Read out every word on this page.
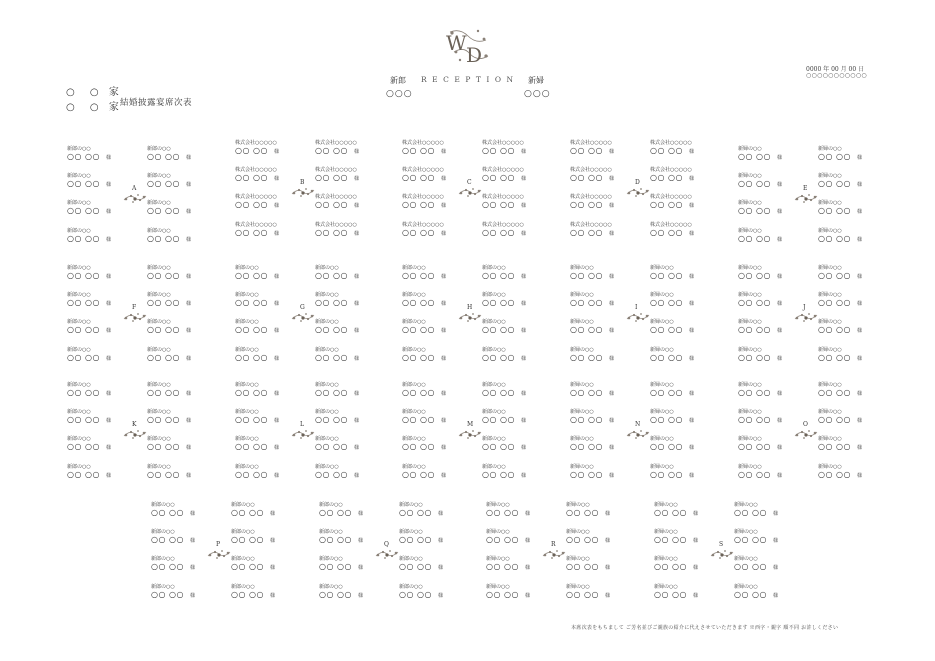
○ ○ 家
○ ○ 家 結婚披露宴席次表
W D
新郎 RECEPTION 新婦
○○○	○○○
0000 年 00 月 00 日
○○○○○○○○○○○
新郎の○○
○○ ○○ 様
新郎の○○
○○ ○○ 様
新郎の○○
○○ ○○ 様
新郎の○○
○○ ○○ 様
新郎の○○
○○ ○○ 様
新郎の○○
○○ ○○ 様
新郎の○○
○○ ○○ 様
新郎の○○
○○ ○○ 様
A
株式会社○○○○○
○○ ○○ 様
株式会社○○○○○
○○ ○○ 様
株式会社○○○○○
○○ ○○ 様
株式会社○○○○○
○○ ○○ 様
株式会社○○○○○
○○ ○○ 様
株式会社○○○○○
○○ ○○ 様
株式会社○○○○○
○○ ○○ 様
株式会社○○○○○
○○ ○○ 様
B
株式会社○○○○○
○○ ○○ 様
株式会社○○○○○
○○ ○○ 様
株式会社○○○○○
○○ ○○ 様
株式会社○○○○○
○○ ○○ 様
株式会社○○○○○
○○ ○○ 様
株式会社○○○○○
○○ ○○ 様
株式会社○○○○○
○○ ○○ 様
株式会社○○○○○
○○ ○○ 様
C
株式会社○○○○○
○○ ○○ 様
株式会社○○○○○
○○ ○○ 様
株式会社○○○○○
○○ ○○ 様
株式会社○○○○○
○○ ○○ 様
株式会社○○○○○
○○ ○○ 様
株式会社○○○○○
○○ ○○ 様
株式会社○○○○○
○○ ○○ 様
株式会社○○○○○
○○ ○○ 様
D
新婦の○○
○○ ○○ 様
新婦の○○
○○ ○○ 様
新婦の○○
○○ ○○ 様
新婦の○○
○○ ○○ 様
新婦の○○
○○ ○○ 様
新婦の○○
○○ ○○ 様
新婦の○○
○○ ○○ 様
新婦の○○
○○ ○○ 様
E
新郎の○○
○○ ○○ 様
新郎の○○
○○ ○○ 様
新郎の○○
○○ ○○ 様
新郎の○○
○○ ○○ 様
新郎の○○
○○ ○○ 様
新郎の○○
○○ ○○ 様
新郎の○○
○○ ○○ 様
新郎の○○
○○ ○○ 様
F
新郎の○○
○○ ○○ 様
新郎の○○
○○ ○○ 様
新郎の○○
○○ ○○ 様
新郎の○○
○○ ○○ 様
新郎の○○
○○ ○○ 様
新郎の○○
○○ ○○ 様
新郎の○○
○○ ○○ 様
新郎の○○
○○ ○○ 様
G
新郎の○○
○○ ○○ 様
新郎の○○
○○ ○○ 様
新郎の○○
○○ ○○ 様
新郎の○○
○○ ○○ 様
新郎の○○
○○ ○○ 様
新郎の○○
○○ ○○ 様
新郎の○○
○○ ○○ 様
新郎の○○
○○ ○○ 様
H
新婦の○○
○○ ○○ 様
新婦の○○
○○ ○○ 様
新婦の○○
○○ ○○ 様
新婦の○○
○○ ○○ 様
新婦の○○
○○ ○○ 様
新婦の○○
○○ ○○ 様
新婦の○○
○○ ○○ 様
新婦の○○
○○ ○○ 様
I
新婦の○○
○○ ○○ 様
新婦の○○
○○ ○○ 様
新婦の○○
○○ ○○ 様
新婦の○○
○○ ○○ 様
新婦の○○
○○ ○○ 様
新婦の○○
○○ ○○ 様
新婦の○○
○○ ○○ 様
新婦の○○
○○ ○○ 様
J
新郎の○○
○○ ○○ 様
新郎の○○
○○ ○○ 様
新郎の○○
○○ ○○ 様
新郎の○○
○○ ○○ 様
新郎の○○
○○ ○○ 様
新郎の○○
○○ ○○ 様
新郎の○○
○○ ○○ 様
新郎の○○
○○ ○○ 様
K
新郎の○○
○○ ○○ 様
新郎の○○
○○ ○○ 様
新郎の○○
○○ ○○ 様
新郎の○○
○○ ○○ 様
新郎の○○
○○ ○○ 様
新郎の○○
○○ ○○ 様
新郎の○○
○○ ○○ 様
新郎の○○
○○ ○○ 様
L
新郎の○○
○○ ○○ 様
新郎の○○
○○ ○○ 様
新郎の○○
○○ ○○ 様
新郎の○○
○○ ○○ 様
新郎の○○
○○ ○○ 様
新郎の○○
○○ ○○ 様
新郎の○○
○○ ○○ 様
新郎の○○
○○ ○○ 様
M
新婦の○○
○○ ○○ 様
新婦の○○
○○ ○○ 様
新婦の○○
○○ ○○ 様
新婦の○○
○○ ○○ 様
新婦の○○
○○ ○○ 様
新婦の○○
○○ ○○ 様
新婦の○○
○○ ○○ 様
新婦の○○
○○ ○○ 様
N
新婦の○○
○○ ○○ 様
新婦の○○
○○ ○○ 様
新婦の○○
○○ ○○ 様
新婦の○○
○○ ○○ 様
新婦の○○
○○ ○○ 様
新婦の○○
○○ ○○ 様
新婦の○○
○○ ○○ 様
新婦の○○
○○ ○○ 様
O
新郎の○○
○○ ○○ 様
新郎の○○
○○ ○○ 様
新郎の○○
○○ ○○ 様
新郎の○○
○○ ○○ 様
新郎の○○
○○ ○○ 様
新郎の○○
○○ ○○ 様
新郎の○○
○○ ○○ 様
新郎の○○
○○ ○○ 様
P
新郎の○○
○○ ○○ 様
新郎の○○
○○ ○○ 様
新郎の○○
○○ ○○ 様
新郎の○○
○○ ○○ 様
新郎の○○
○○ ○○ 様
新郎の○○
○○ ○○ 様
新郎の○○
○○ ○○ 様
新郎の○○
○○ ○○ 様
Q
新婦の○○
○○ ○○ 様
新婦の○○
○○ ○○ 様
新婦の○○
○○ ○○ 様
新婦の○○
○○ ○○ 様
新婦の○○
○○ ○○ 様
新婦の○○
○○ ○○ 様
新婦の○○
○○ ○○ 様
新婦の○○
○○ ○○ 様
R
新婦の○○
○○ ○○ 様
新婦の○○
○○ ○○ 様
新婦の○○
○○ ○○ 様
新婦の○○
○○ ○○ 様
新婦の○○
○○ ○○ 様
新婦の○○
○○ ○○ 様
新婦の○○
○○ ○○ 様
新婦の○○
○○ ○○ 様
S
本席次表をもちまして ご芳名並びご親族の紹介に代えさせていただきます ※西字・親字 順不同 お許しください
